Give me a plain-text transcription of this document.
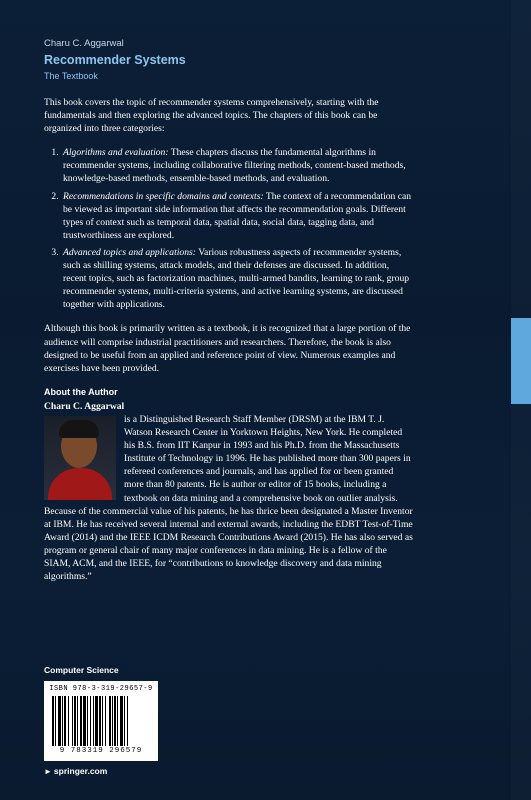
Charu C. Aggarwal
Recommender Systems
The Textbook

This book covers the topic of recommender systems comprehensively, starting with the fundamentals and then exploring the advanced topics. The chapters of this book can be organized into three categories:

1. Algorithms and evaluation: These chapters discuss the fundamental algorithms in recommender systems, including collaborative filtering methods, content-based methods, knowledge-based methods, ensemble-based methods, and evaluation.
2. Recommendations in specific domains and contexts: The context of a recommendation can be viewed as important side information that affects the recommendation goals. Different types of context such as temporal data, spatial data, social data, tagging data, and trustworthiness are explored.
3. Advanced topics and applications: Various robustness aspects of recommender systems, such as shilling systems, attack models, and their defenses are discussed. In addition, recent topics, such as factorization machines, multi-armed bandits, learning to rank, group recommender systems, multi-criteria systems, and active learning systems, are discussed together with applications.

Although this book is primarily written as a textbook, it is recognized that a large portion of the audience will comprise industrial practitioners and researchers. Therefore, the book is also designed to be useful from an applied and reference point of view. Numerous examples and exercises have been provided.

About the Author
Charu C. Aggarwal
is a Distinguished Research Staff Member (DRSM) at the IBM T. J. Watson Research Center in Yorktown Heights, New York. He completed his B.S. from IIT Kanpur in 1993 and his Ph.D. from the Massachusetts Institute of Technology in 1996. He has published more than 300 papers in refereed conferences and journals, and has applied for or been granted more than 80 patents. He is author or editor of 15 books, including a textbook on data mining and a comprehensive book on outlier analysis. Because of the commercial value of his patents, he has thrice been designated a Master Inventor at IBM. He has received several internal and external awards, including the EDBT Test-of-Time Award (2014) and the IEEE ICDM Research Contributions Award (2015). He has also served as program or general chair of many major conferences in data mining. He is a fellow of the SIAM, ACM, and the IEEE, for “contributions to knowledge discovery and data mining algorithms.”
Computer Science
ISBN 978-3-319-29657-9
9 783319 296579
► springer.com
